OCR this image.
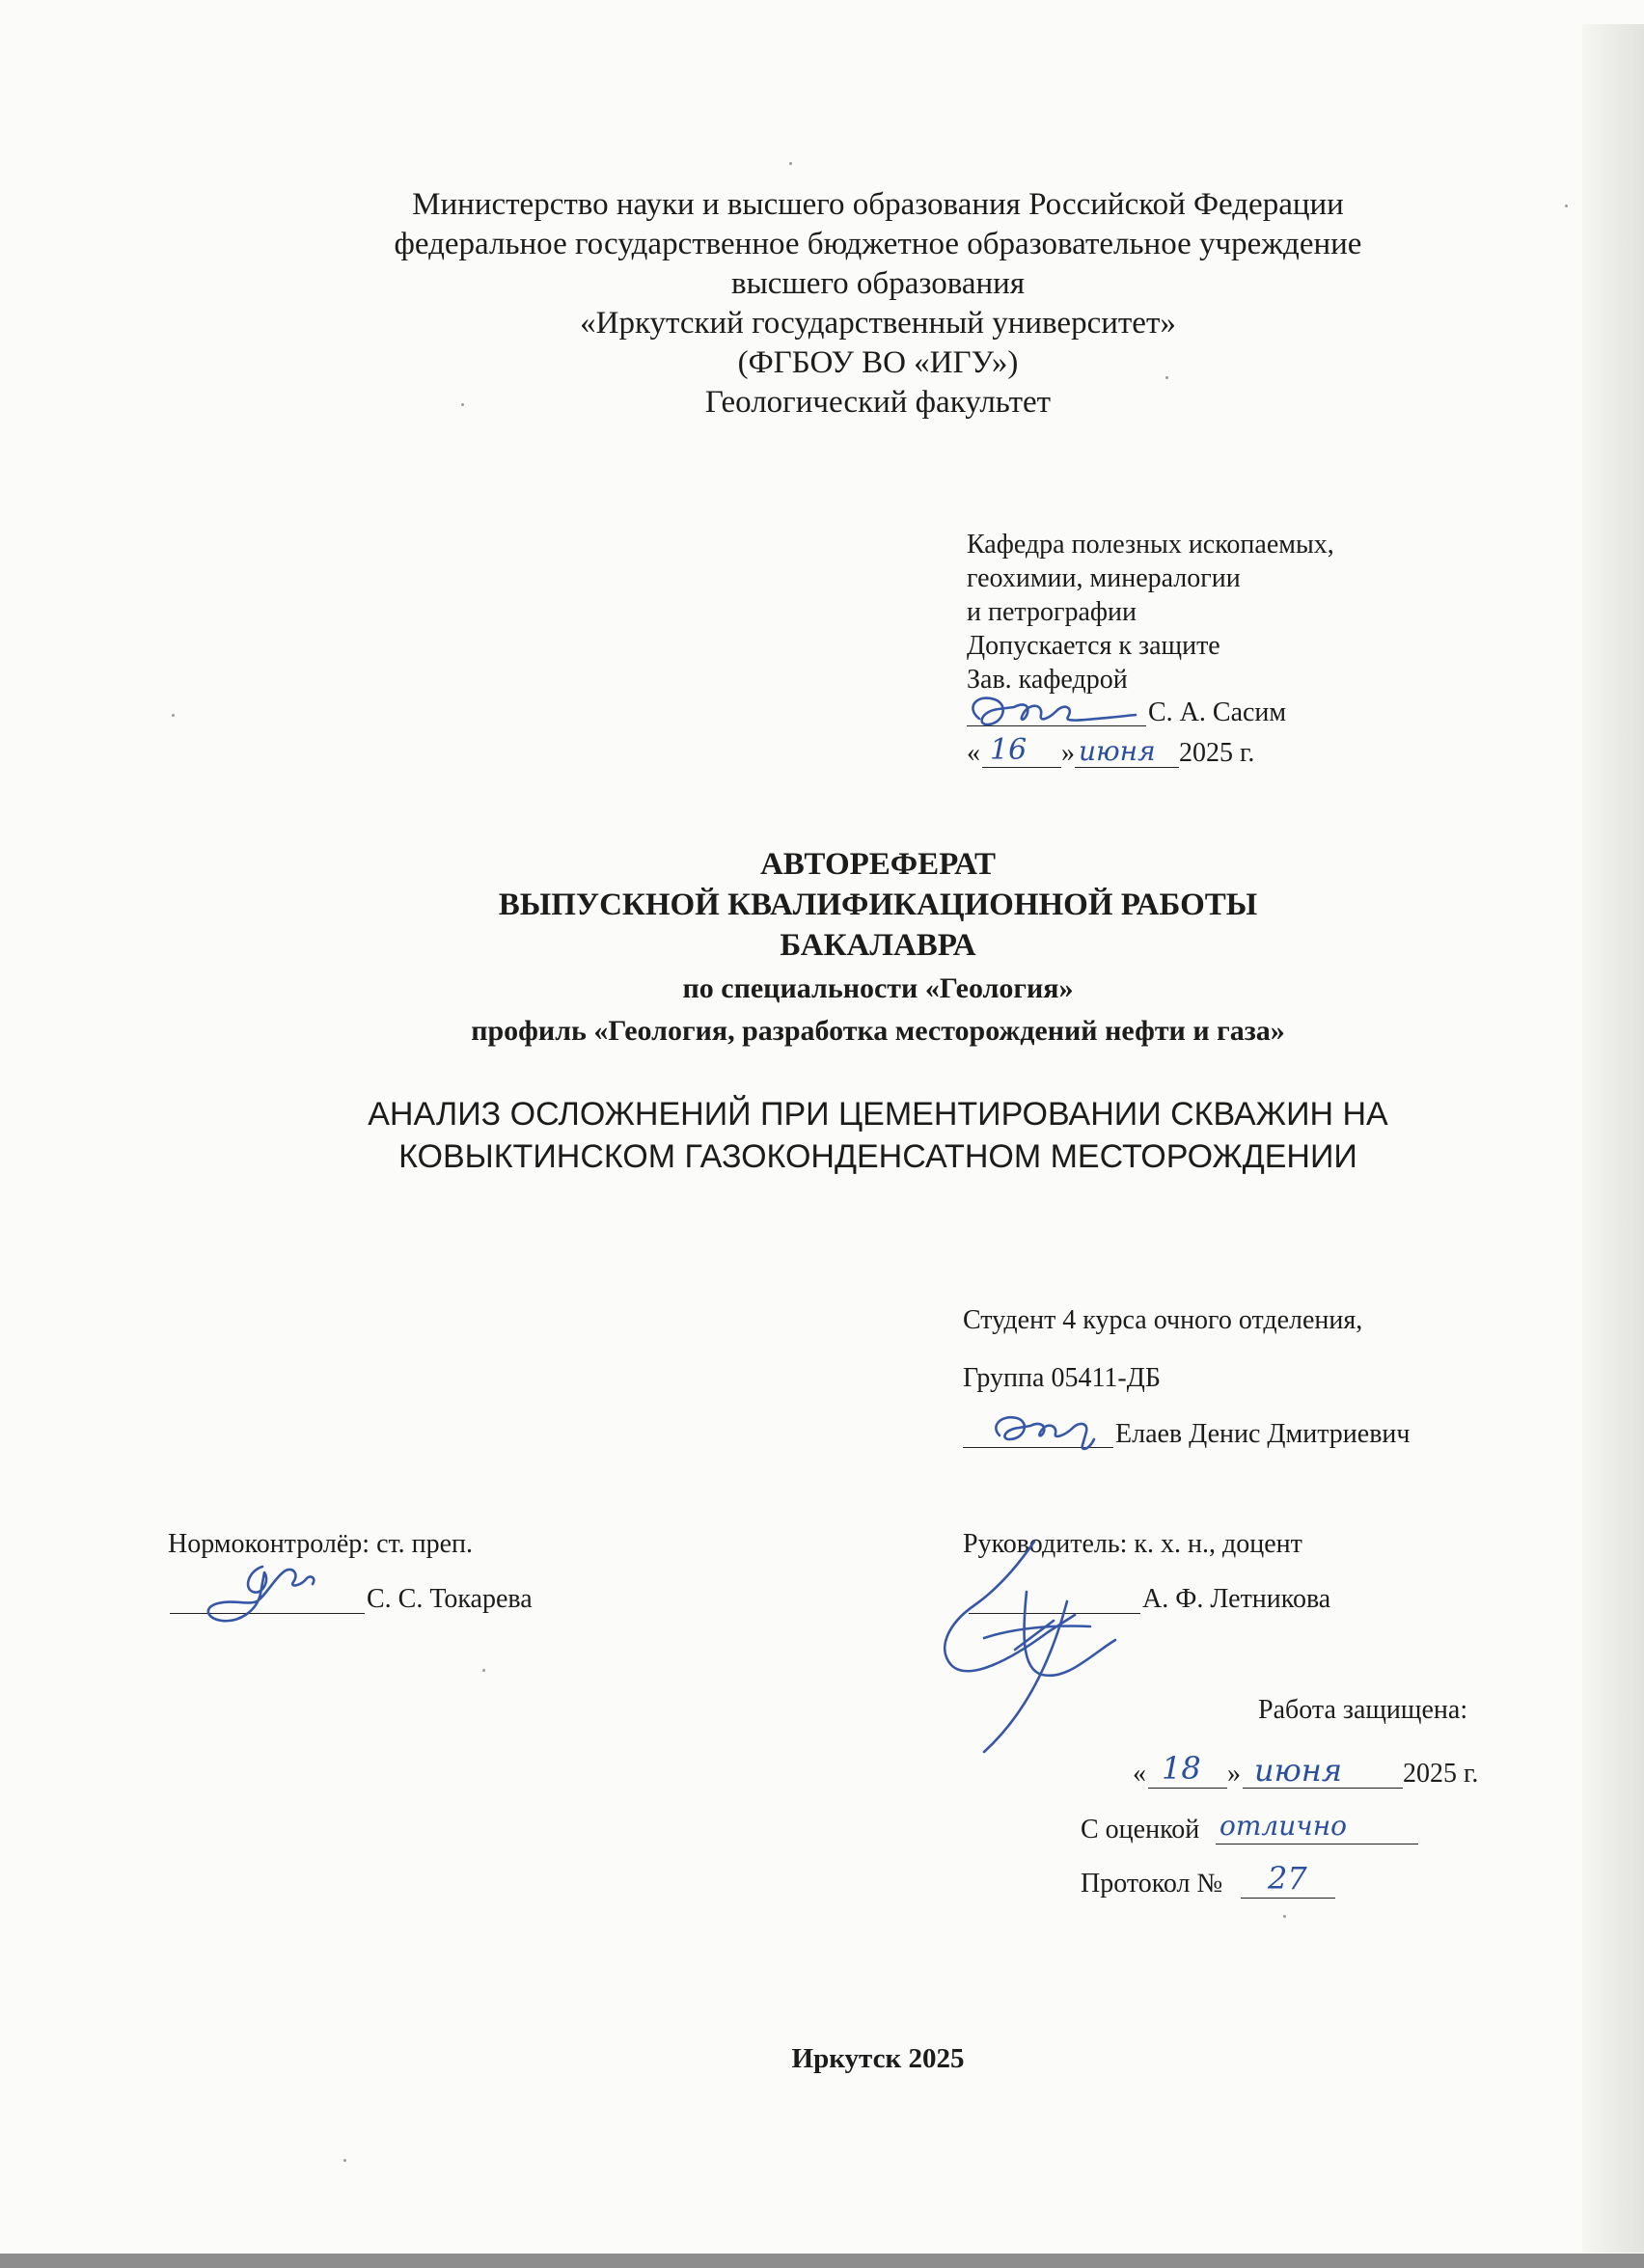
Министерство науки и высшего образования Российской Федерации
федеральное государственное бюджетное образовательное учреждение
высшего образования
«Иркутский государственный университет»
(ФГБОУ ВО «ИГУ»)
Геологический факультет
Кафедра полезных ископаемых,
геохимии, минералогии
и петрографии
Допускается к защите
Зав. кафедрой
С. А. Сасим
« 16 » июня 2025 г.
АВТОРЕФЕРАТ
ВЫПУСКНОЙ КВАЛИФИКАЦИОННОЙ РАБОТЫ
БАКАЛАВРА
по специальности «Геология»
профиль «Геология, разработка месторождений нефти и газа»
АНАЛИЗ ОСЛОЖНЕНИЙ ПРИ ЦЕМЕНТИРОВАНИИ СКВАЖИН НА
КОВЫКТИНСКОМ ГАЗОКОНДЕНСАТНОМ МЕСТОРОЖДЕНИИ
Студент 4 курса очного отделения,
Группа 05411-ДБ
Елаев Денис Дмитриевич
Нормоконтролёр: ст. преп.
С. С. Токарева
Руководитель: к. х. н., доцент
А. Ф. Летникова
Работа защищена:
« 18 » июня 2025 г.
С оценкой отлично
Протокол № 27
Иркутск 2025
